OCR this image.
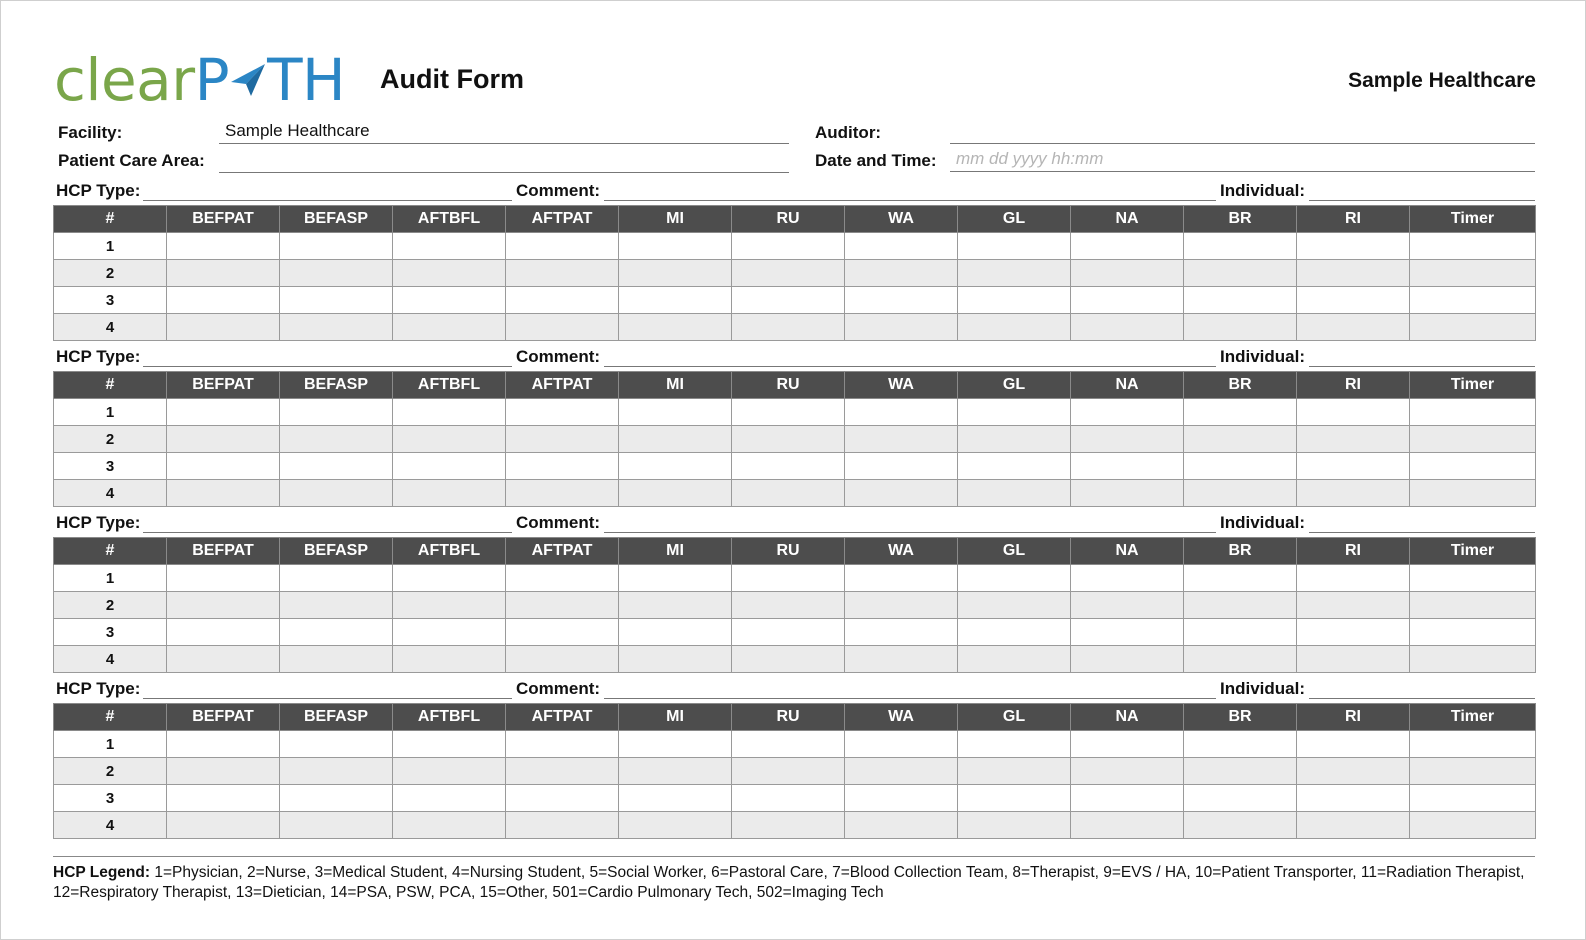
clearP TH Audit Form	Sample Healthcare
Facility:	Sample Healthcare
Patient Care Area:
Auditor:
Date and Time:	mm dd yyyy hh:mm
HCP Type:	Comment:	Individual:
#	BEFPAT	BEFASP	AFTBFL	AFTPAT	MI	RU	WA	GL	NA	BR	RI	Timer
1												
2												
3												
4												
HCP Type:	Comment:	Individual:
#	BEFPAT	BEFASP	AFTBFL	AFTPAT	MI	RU	WA	GL	NA	BR	RI	Timer
1												
2												
3												
4												
HCP Type:	Comment:	Individual:
#	BEFPAT	BEFASP	AFTBFL	AFTPAT	MI	RU	WA	GL	NA	BR	RI	Timer
1												
2												
3												
4												
HCP Type:	Comment:	Individual:
#	BEFPAT	BEFASP	AFTBFL	AFTPAT	MI	RU	WA	GL	NA	BR	RI	Timer
1												
2												
3												
4												
HCP Legend: 1=Physician, 2=Nurse, 3=Medical Student, 4=Nursing Student, 5=Social Worker, 6=Pastoral Care, 7=Blood Collection Team, 8=Therapist, 9=EVS / HA, 10=Patient Transporter, 11=Radiation Therapist, 12=Respiratory Therapist, 13=Dietician, 14=PSA, PSW, PCA, 15=Other, 501=Cardio Pulmonary Tech, 502=Imaging Tech
